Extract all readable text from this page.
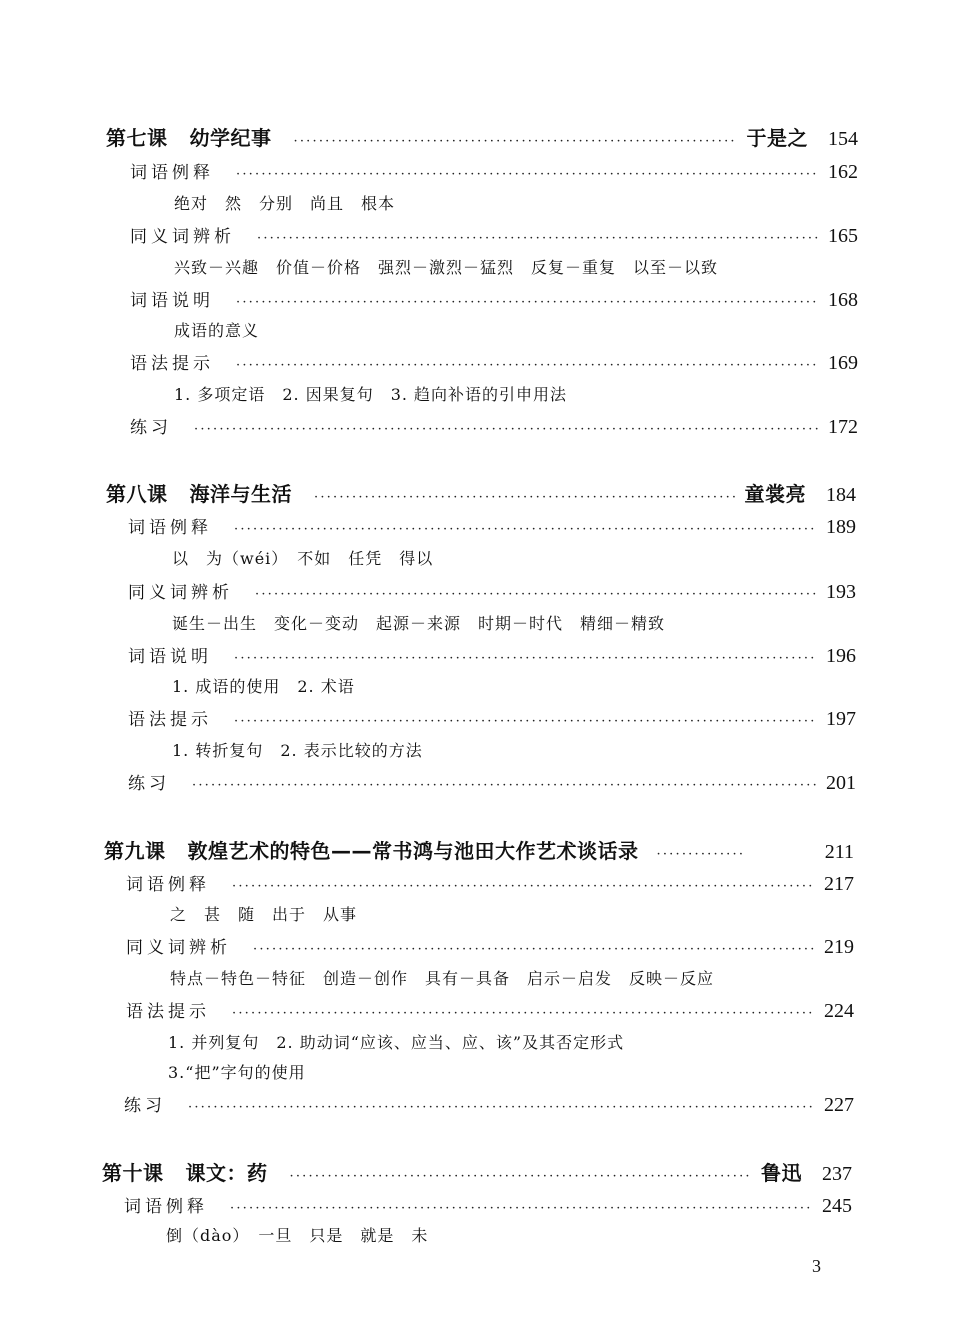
第七课 幼学纪事 ·····	于是之 154
词语例释 ·····	162
绝对　然　分别　尚且　根本
同义词辨析 ·····	165
兴致－兴趣　价值－价格　强烈－激烈－猛烈　反复－重复　以至－以致
词语说明 ·····	168
成语的意义
语法提示 ·····	169
1. 多项定语　2. 因果复句　3. 趋向补语的引申用法
练习 ·····	172
第八课 海洋与生活 ·····	童裳亮 184
词语例释 ·····	189
以　为（wéi）　不如　任凭　得以
同义词辨析 ·····	193
诞生－出生　变化－变动　起源－来源　时期－时代　精细－精致
词语说明 ·····	196
1. 成语的使用　2. 术语
语法提示 ·····	197
1. 转折复句　2. 表示比较的方法
练习 ·····	201
第九课 敦煌艺术的特色——常书鸿与池田大作艺术谈话录 ·····	211
词语例释 ·····	217
之　甚　随　出于　从事
同义词辨析 ·····	219
特点－特色－特征　创造－创作　具有－具备　启示－启发　反映－反应
语法提示 ·····	224
1. 并列复句　2. 助动词“应该、应当、应、该”及其否定形式
3.“把”字句的使用
练习 ·····	227
第十课 课文：药 ·····	鲁迅 237
词语例释 ·····	245
倒（dào）　一旦　只是　就是　未
3
